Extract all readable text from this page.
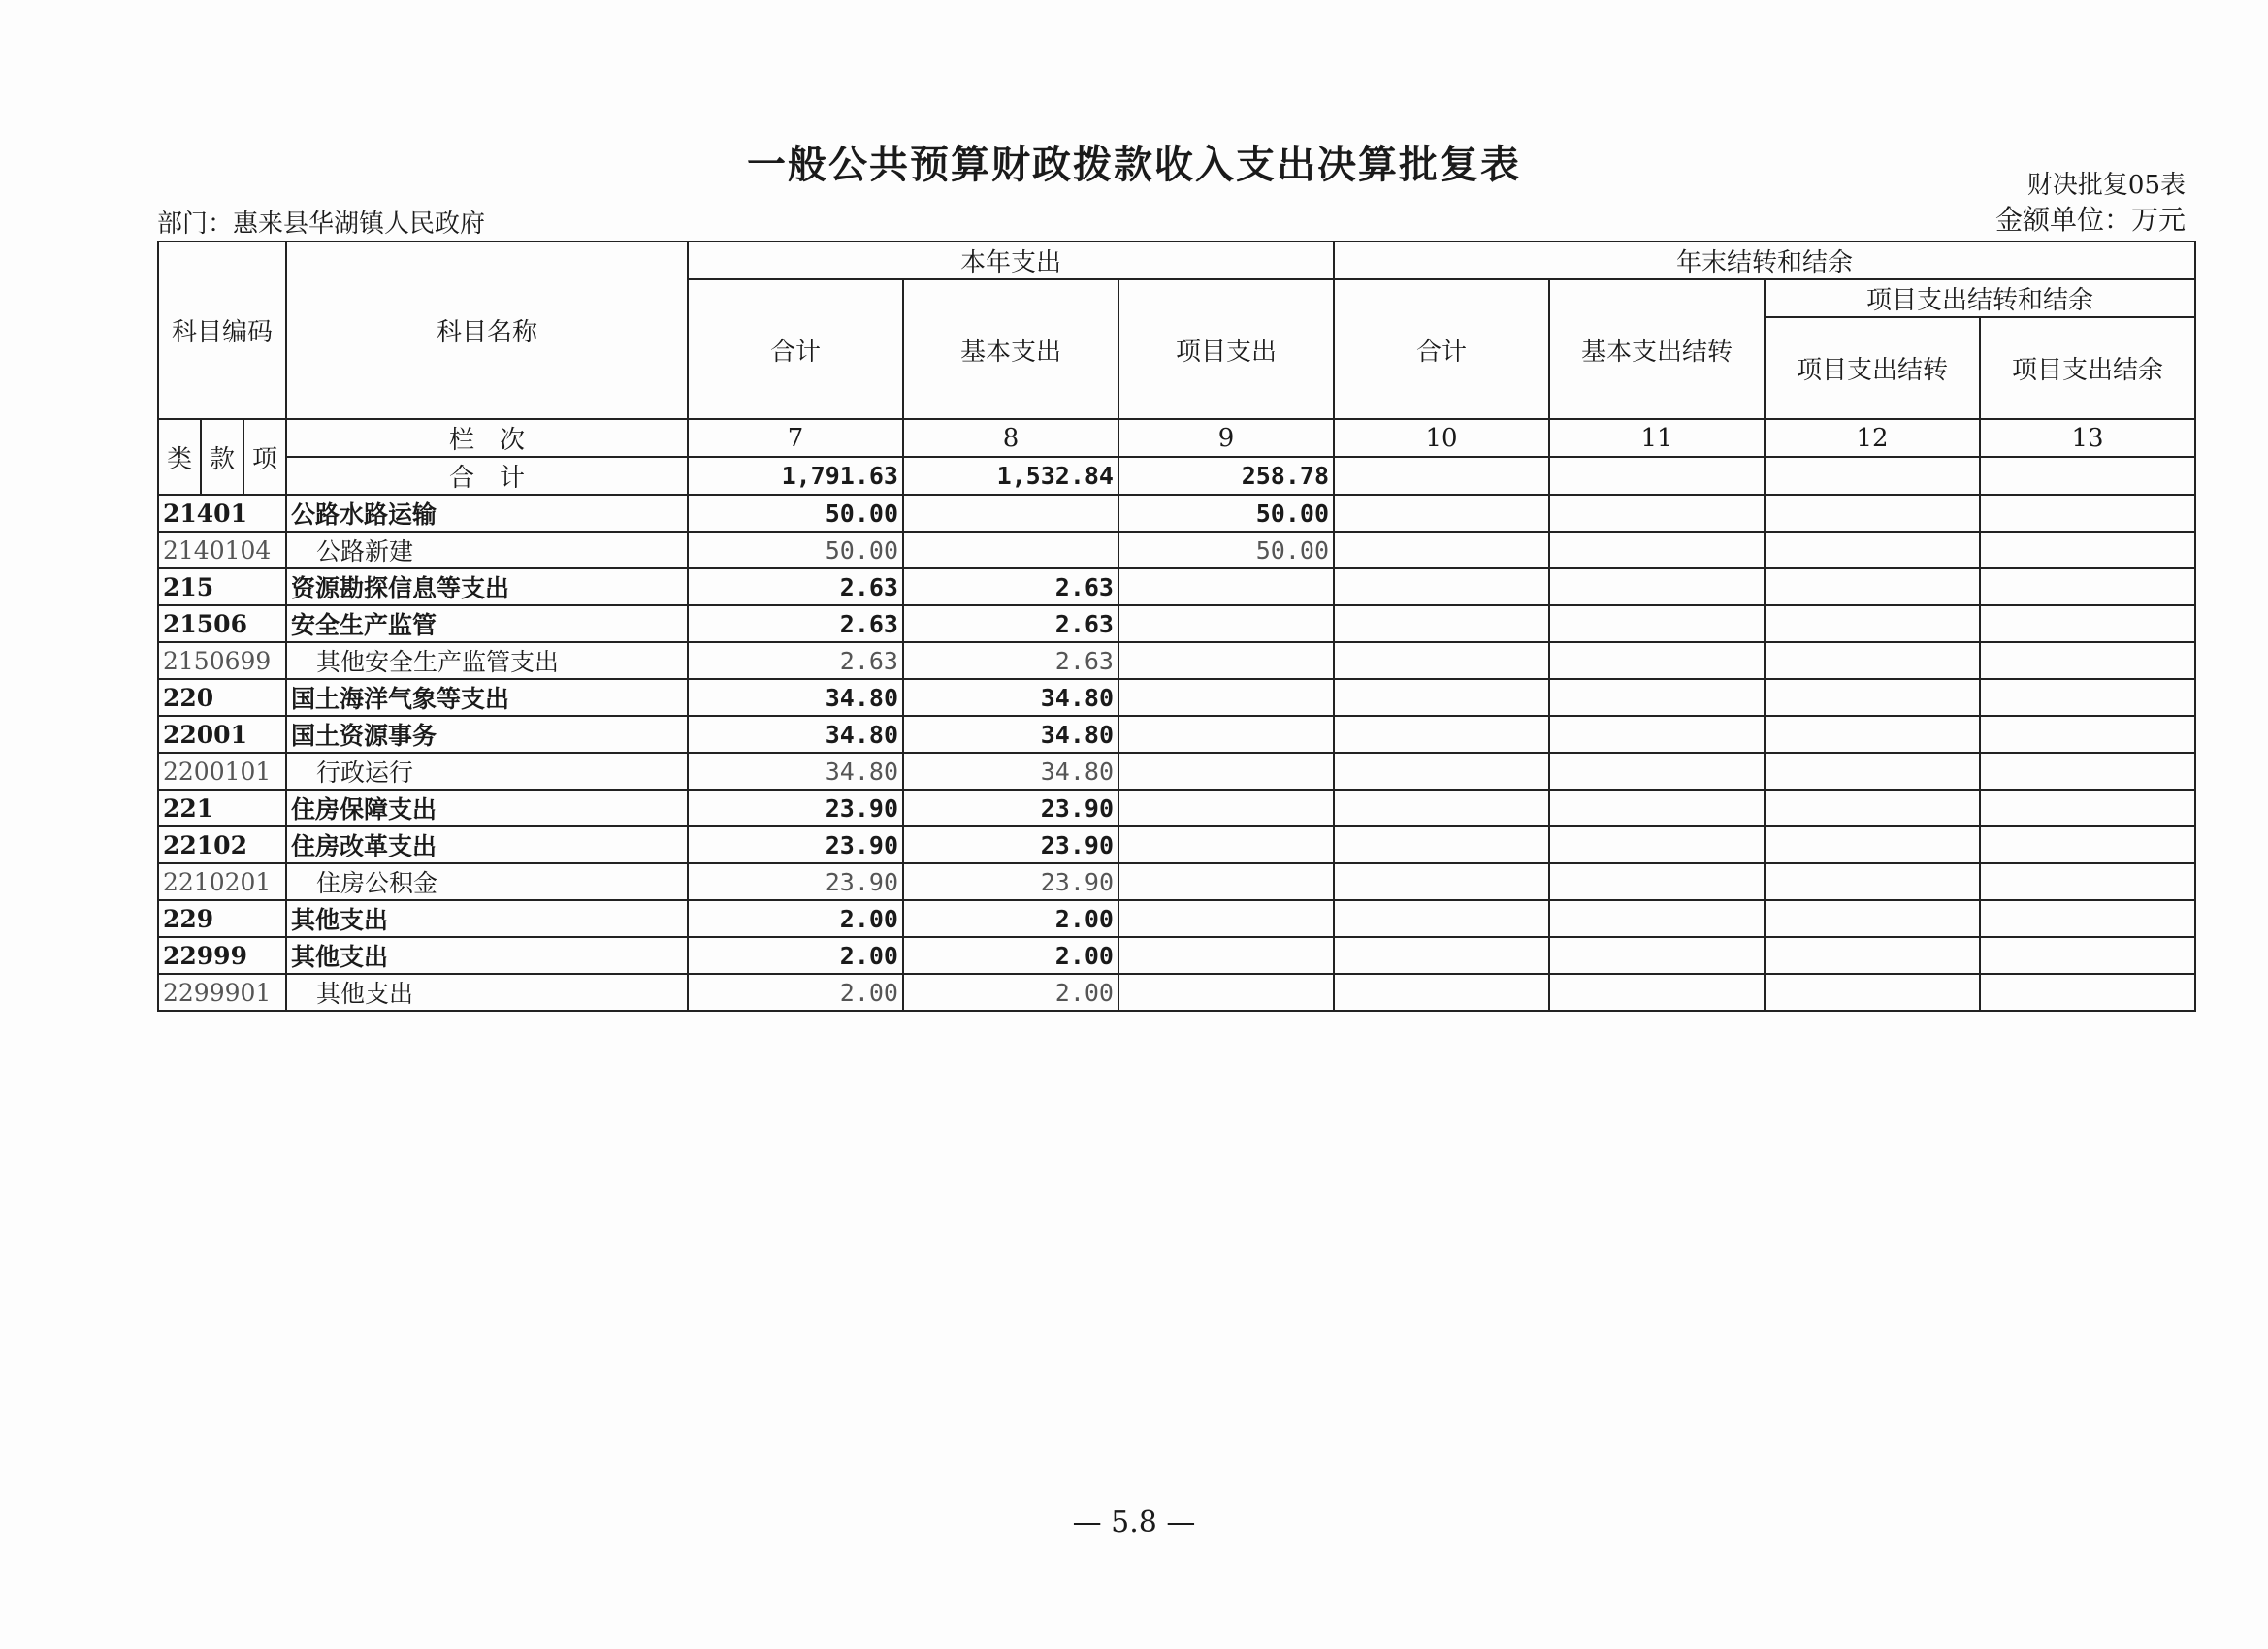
一般公共预算财政拨款收入支出决算批复表	财决批复05表
部门：惠来县华湖镇人民政府	金额单位：万元
科目编码			科目名称	本年支出			年末结转和结余			
				合计	基本支出	项目支出	合计	基本支出结转	项目支出结转和结余	
									项目支出结转	项目支出结余
类	款	项	栏　次	7	8	9	10	11	12	13
			合　计	1,791.63	1,532.84	258.78				
21401			公路水路运输	50.00		50.00				
2140104			公路新建	50.00		50.00				
215			资源勘探信息等支出	2.63	2.63					
21506			安全生产监管	2.63	2.63					
2150699			其他安全生产监管支出	2.63	2.63					
220			国土海洋气象等支出	34.80	34.80					
22001			国土资源事务	34.80	34.80					
2200101			行政运行	34.80	34.80					
221			住房保障支出	23.90	23.90					
22102			住房改革支出	23.90	23.90					
2210201			住房公积金	23.90	23.90					
229			其他支出	2.00	2.00					
22999			其他支出	2.00	2.00					
2299901			其他支出	2.00	2.00					
— 5.8 —
